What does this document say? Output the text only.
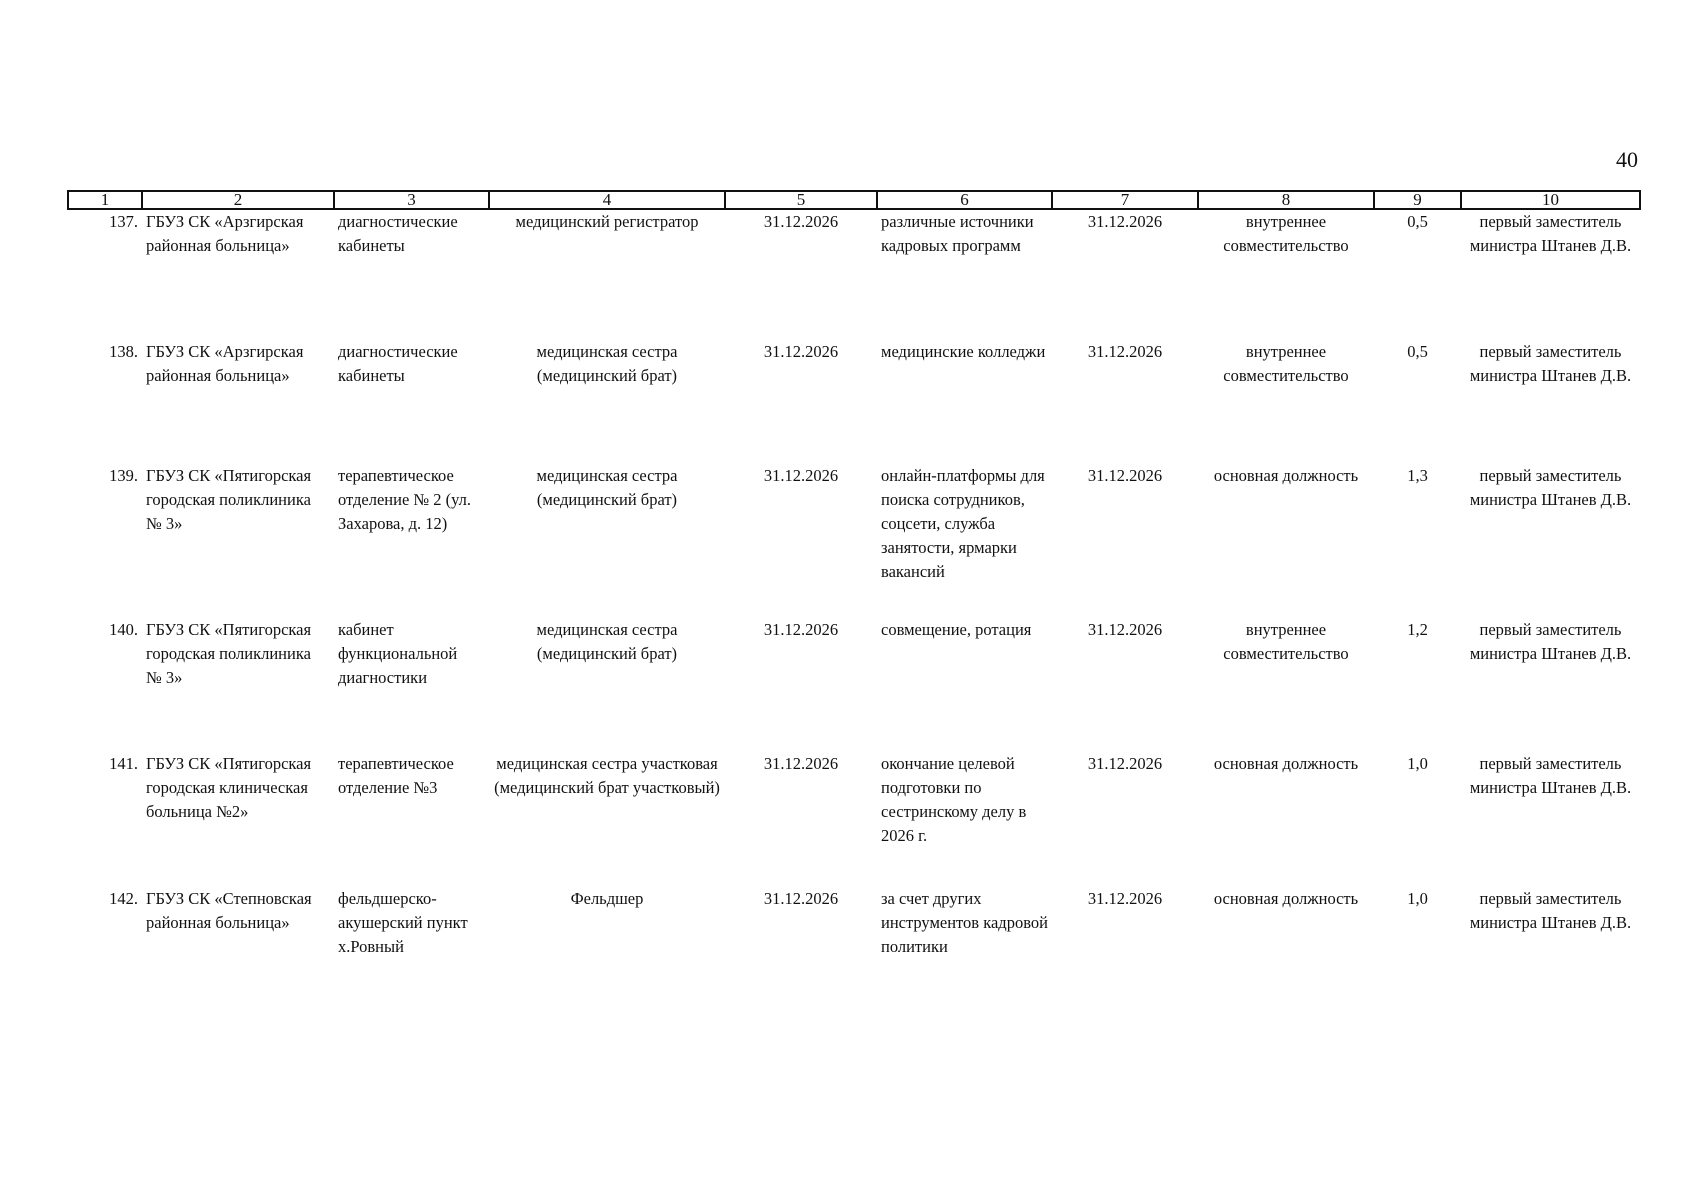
40
1	2	3	4	5	6	7	8	9	10
137.	ГБУЗ СК «Арзгирская районная больница»	диагностические кабинеты	медицинский регистратор	31.12.2026	различные источники кадровых программ	31.12.2026	внутреннее совместительство	0,5	первый заместитель министра Штанев Д.В.
138.	ГБУЗ СК «Арзгирская районная больница»	диагностические кабинеты	медицинская сестра (медицинский брат)	31.12.2026	медицинские колледжи	31.12.2026	внутреннее совместительство	0,5	первый заместитель министра Штанев Д.В.
139.	ГБУЗ СК «Пятигорская городская поликлиника № 3»	терапевтическое отделение № 2 (ул. Захарова, д. 12)	медицинская сестра (медицинский брат)	31.12.2026	онлайн-платформы для поиска сотрудников, соцсети, служба занятости, ярмарки вакансий	31.12.2026	основная должность	1,3	первый заместитель министра Штанев Д.В.
140.	ГБУЗ СК «Пятигорская городская поликлиника № 3»	кабинет функциональной диагностики	медицинская сестра (медицинский брат)	31.12.2026	совмещение, ротация	31.12.2026	внутреннее совместительство	1,2	первый заместитель министра Штанев Д.В.
141.	ГБУЗ СК «Пятигорская городская клиническая больница №2»	терапевтическое отделение №3	медицинская сестра участковая (медицинский брат участковый)	31.12.2026	окончание целевой подготовки по сестринскому делу в 2026 г.	31.12.2026	основная должность	1,0	первый заместитель министра Штанев Д.В.
142.	ГБУЗ СК «Степновская районная больница»	фельдшерско-акушерский пункт х.Ровный	Фельдшер	31.12.2026	за счет других инструментов кадровой политики	31.12.2026	основная должность	1,0	первый заместитель министра Штанев Д.В.
